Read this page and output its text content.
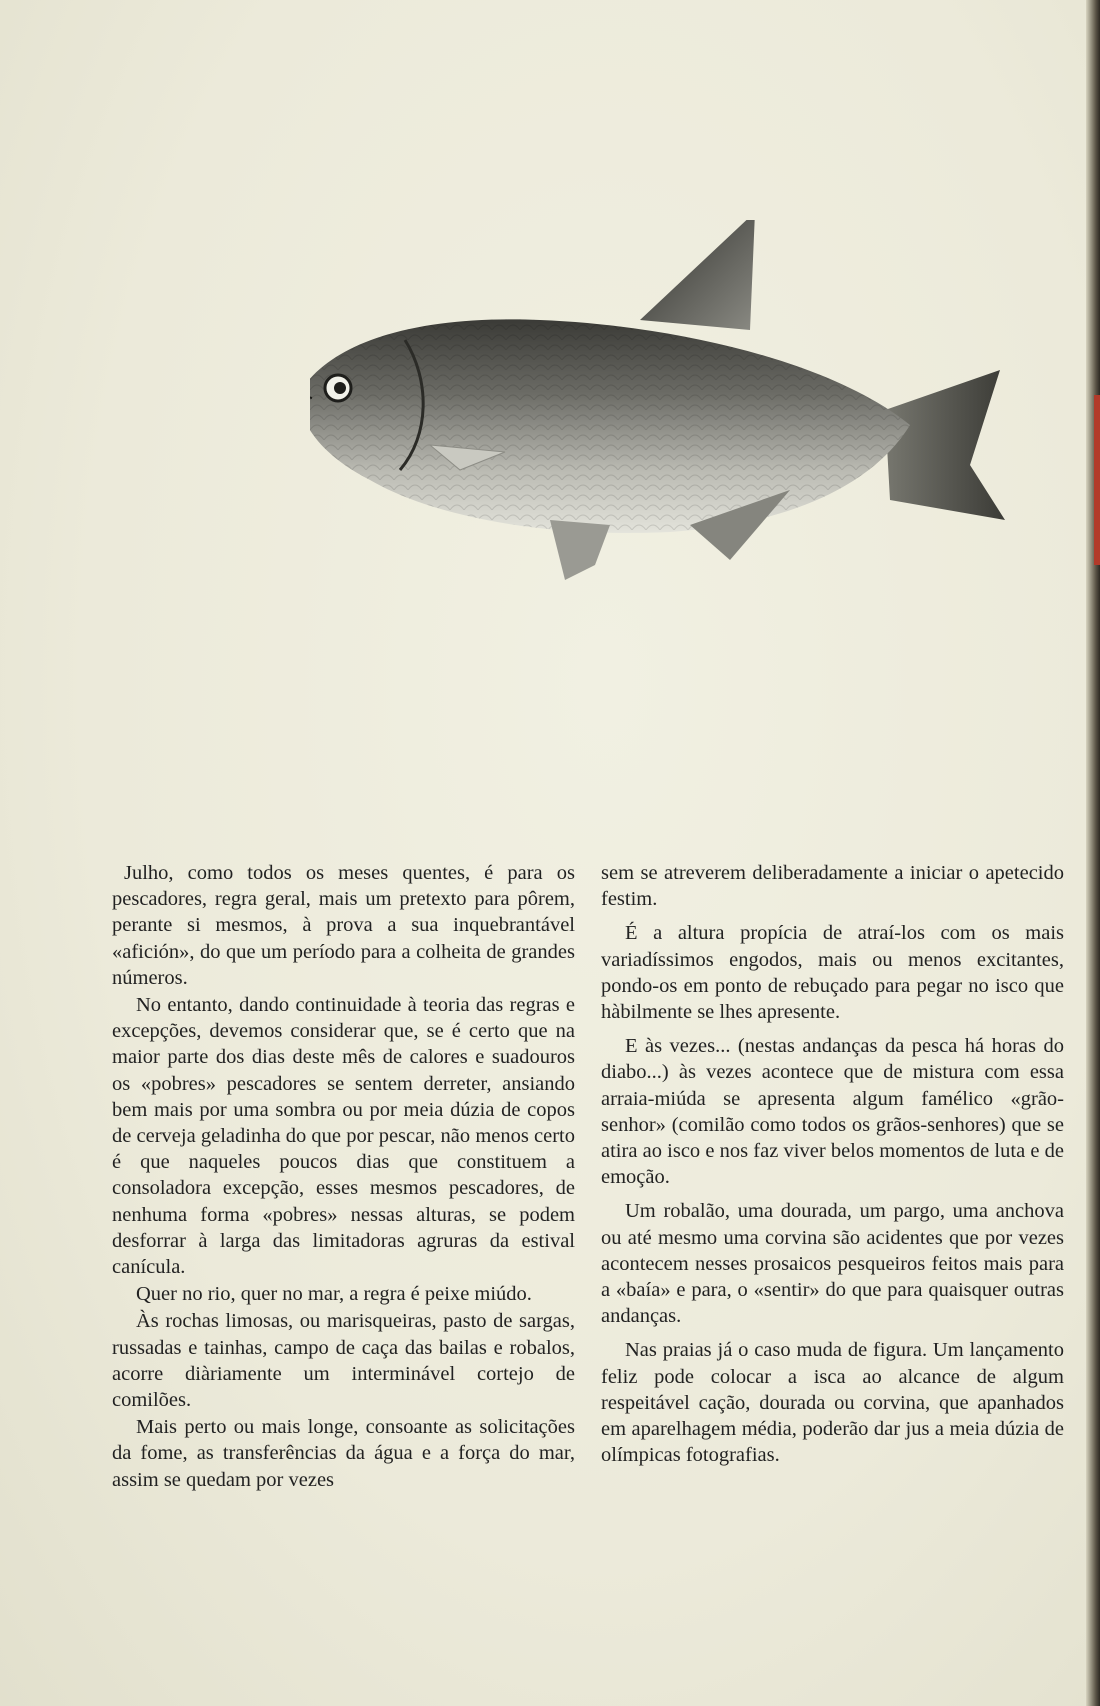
Julho, como todos os meses quentes, é para os pescadores, regra geral, mais um pretexto para pôrem, perante si mesmos, à prova a sua inquebrantável «afición», do que um período para a colheita de grandes números.

No entanto, dando continuidade à teoria das regras e excepções, devemos considerar que, se é certo que na maior parte dos dias deste mês de calores e suadouros os «pobres» pescadores se sentem derreter, ansiando bem mais por uma sombra ou por meia dúzia de copos de cerveja geladinha do que por pescar, não menos certo é que naqueles poucos dias que constituem a consoladora excepção, esses mesmos pescadores, de nenhuma forma «pobres» nessas alturas, se podem desforrar à larga das limitadoras agruras da estival canícula.

Quer no rio, quer no mar, a regra é peixe miúdo.

Às rochas limosas, ou marisqueiras, pasto de sargas, russadas e tainhas, campo de caça das bailas e robalos, acorre diàriamente um interminável cortejo de comilões.

Mais perto ou mais longe, consoante as solicitações da fome, as transferências da água e a força do mar, assim se quedam por vezes

sem se atreverem deliberadamente a iniciar o apetecido festim.

É a altura propícia de atraí-los com os mais variadíssimos engodos, mais ou menos excitantes, pondo-os em ponto de rebuçado para pegar no isco que hàbilmente se lhes apresente.

E às vezes... (nestas andanças da pesca há horas do diabo...) às vezes acontece que de mistura com essa arraia-miúda se apresenta algum famélico «grão-senhor» (comilão como todos os grãos-senhores) que se atira ao isco e nos faz viver belos momentos de luta e de emoção.

Um robalão, uma dourada, um pargo, uma anchova ou até mesmo uma corvina são acidentes que por vezes acontecem nesses prosaicos pesqueiros feitos mais para a «baía» e para, o «sentir» do que para quaisquer outras andanças.

Nas praias já o caso muda de figura. Um lançamento feliz pode colocar a isca ao alcance de algum respeitável cação, dourada ou corvina, que apanhados em aparelhagem média, poderão dar jus a meia dúzia de olímpicas fotografias.
